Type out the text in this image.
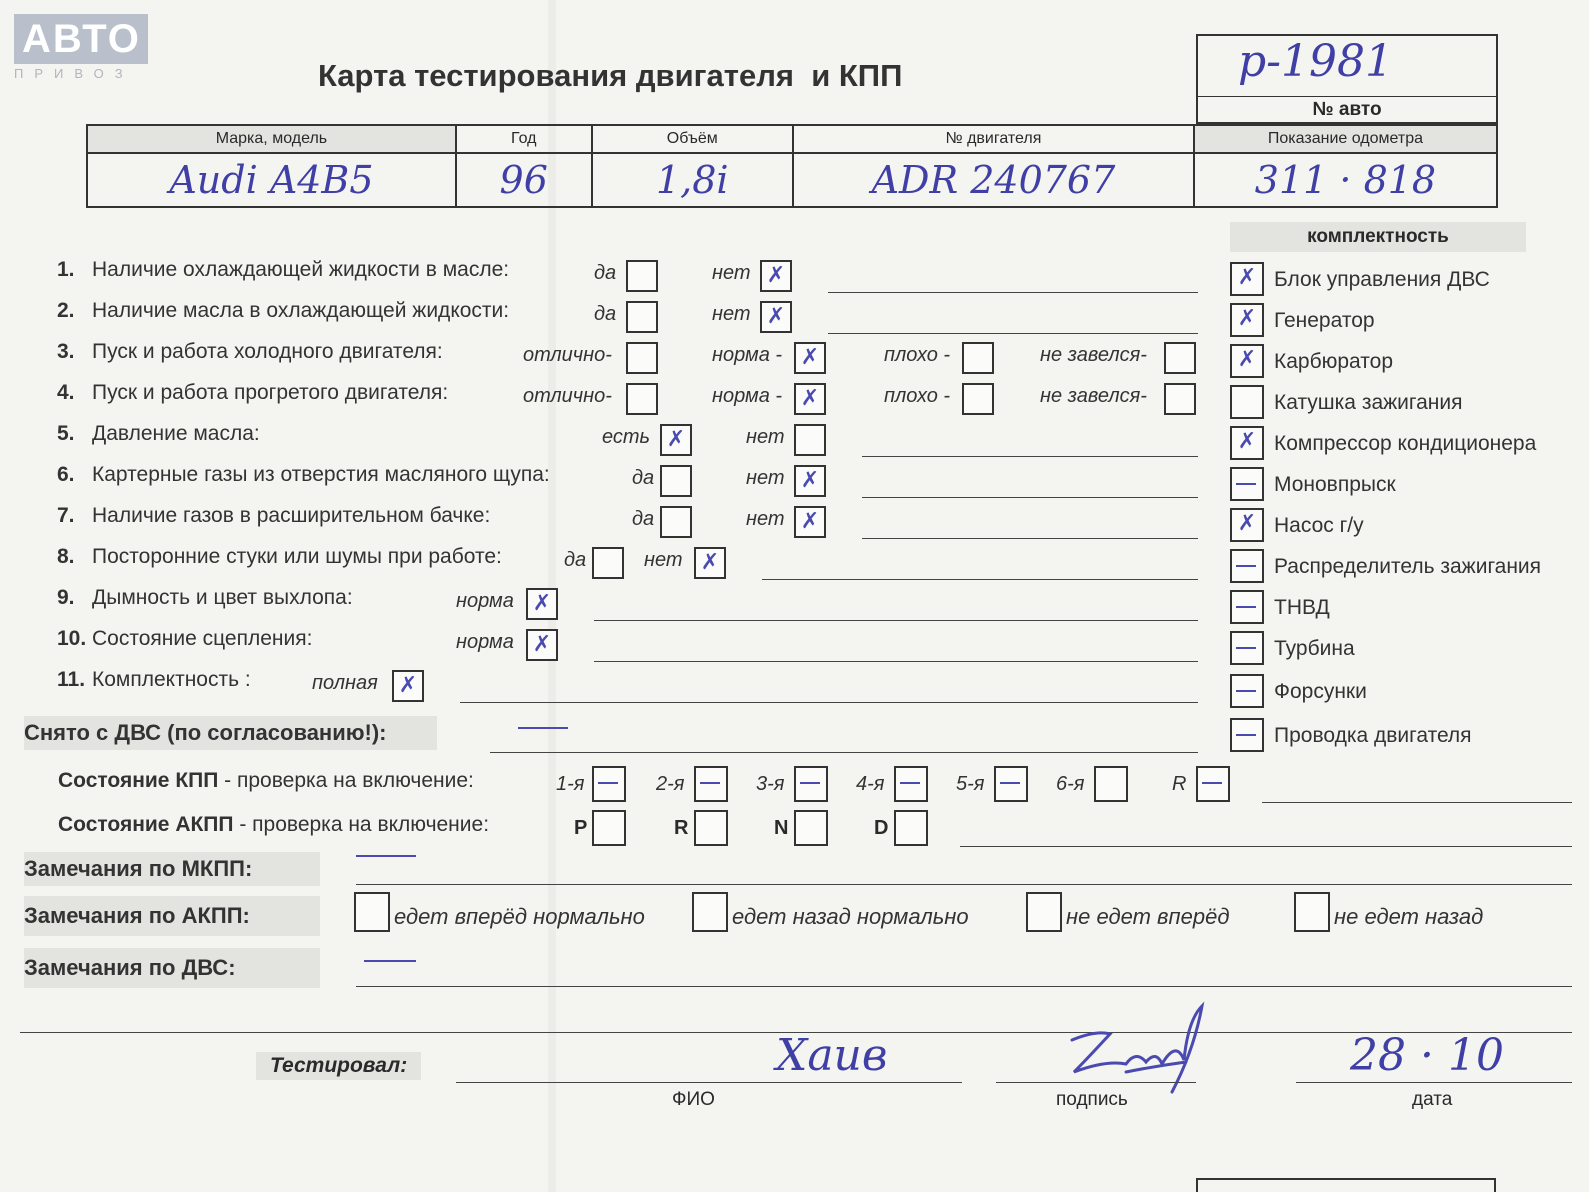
АВТО
ПРИВОЗ	Карта тестирования двигателя  и КПП	р-1981
№ авто
Марка, модель	Год	Объём	№ двигателя	Показание одометра
Audi A4B5	96	1,8i	ADR 240767	311 · 818
комплектность
1. Наличие охлаждающей жидкости в масле:	да	нет ✗
2. Наличие масла в охлаждающей жидкости:	да	нет ✗
3. Пуск и работа холодного двигателя:	отлично-	норма - ✗	плохо -	не завелся-
4. Пуск и работа прогретого двигателя:	отлично-	норма - ✗	плохо -	не завелся-
5. Давление масла:	есть ✗	нет
6. Картерные газы из отверстия масляного щупа:	да	нет ✗
7. Наличие газов в расширительном бачке:	да	нет ✗
8. Посторонние стуки или шумы при работе:	да	нет ✗
9. Дымность и цвет выхлопа:	норма ✗
10. Состояние сцепления:	норма ✗
11. Комплектность :	полная ✗
Снято с ДВС (по согласованию!):
Состояние КПП - проверка на включение:	1-я	2-я	3-я	4-я	5-я	6-я	R
Состояние АКПП - проверка на включение:	P	R	N	D
Замечания по МКПП:
Замечания по АКПП:	едет вперёд нормально	едет назад нормально	не едет вперёд	не едет назад
Замечания по ДВС:
✗ Блок управления ДВС
✗ Генератор
✗ Карбюратор
Катушка зажигания
✗ Компрессор кондиционера
Моновпрыск
✗ Насос г/у
Распределитель зажигания
ТНВД
Турбина
Форсунки
Проводка двигателя
Тестировал:	Хаив
ФИО	подпись
28 · 10
дата
